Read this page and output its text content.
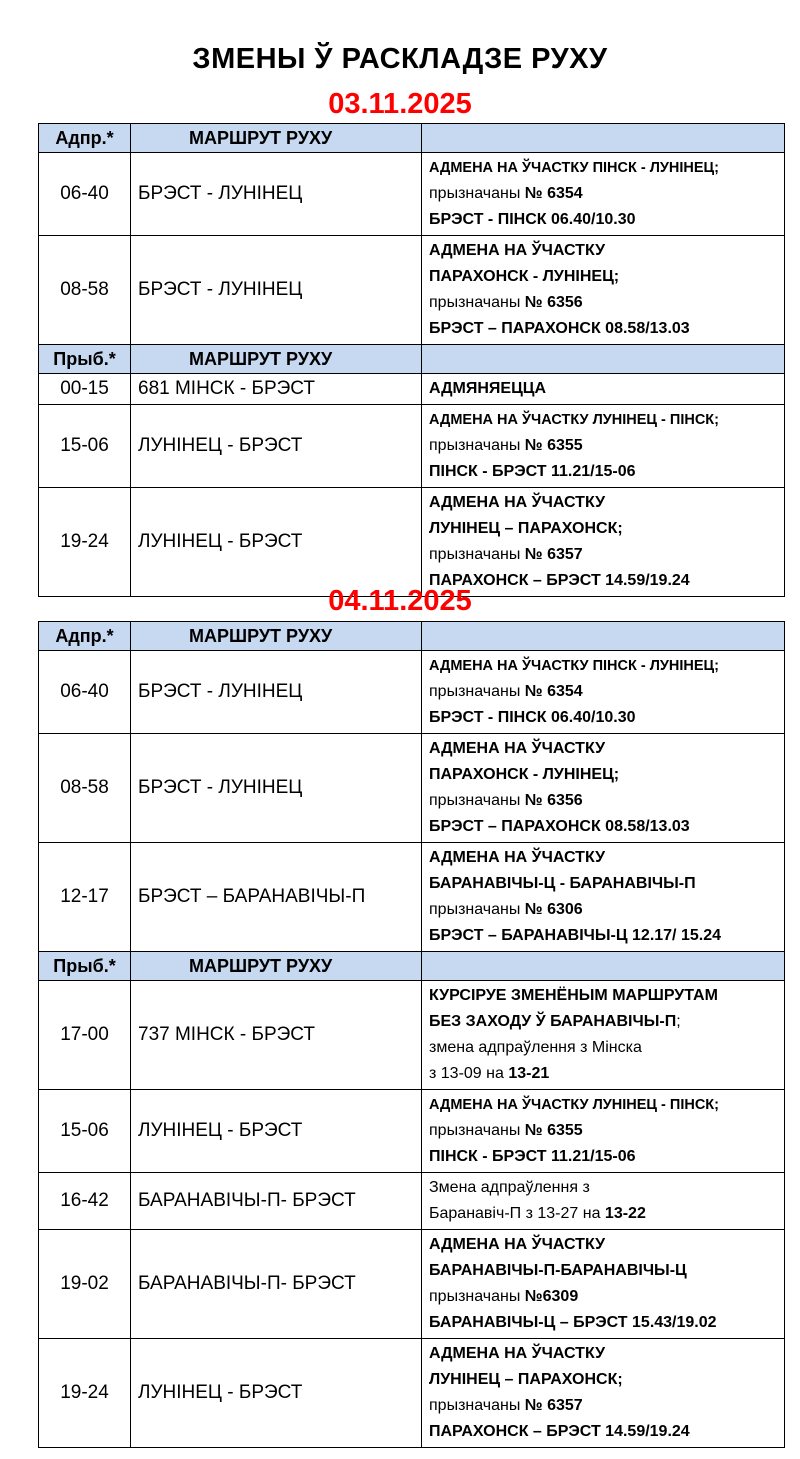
ЗМЕНЫ Ў РАСКЛАДЗЕ РУХУ
03.11.2025
Адпр.*	МАРШРУТ РУХУ	
06-40	БРЭСТ - ЛУНІНЕЦ	АДМЕНА НА ЎЧАСТКУ ПІНСК - ЛУНІНЕЦ;
прызначаны № 6354
БРЭСТ - ПІНСК 06.40/10.30

08-58	БРЭСТ - ЛУНІНЕЦ	АДМЕНА НА ЎЧАСТКУ
ПАРАХОНСК - ЛУНІНЕЦ;
прызначаны № 6356
БРЭСТ – ПАРАХОНСК 08.58/13.03

Прыб.*	МАРШРУТ РУХУ	
00-15	681 МІНСК - БРЭСТ	АДМЯНЯЕЦЦА

15-06	ЛУНІНЕЦ - БРЭСТ	АДМЕНА НА ЎЧАСТКУ ЛУНІНЕЦ - ПІНСК;
прызначаны № 6355
ПІНСК - БРЭСТ 11.21/15-06

19-24	ЛУНІНЕЦ - БРЭСТ	АДМЕНА НА ЎЧАСТКУ
ЛУНІНЕЦ – ПАРАХОНСК;
прызначаны № 6357
ПАРАХОНСК – БРЭСТ 14.59/19.24
04.11.2025
Адпр.*	МАРШРУТ РУХУ	
06-40	БРЭСТ - ЛУНІНЕЦ	АДМЕНА НА ЎЧАСТКУ ПІНСК - ЛУНІНЕЦ;
прызначаны № 6354
БРЭСТ - ПІНСК 06.40/10.30

08-58	БРЭСТ - ЛУНІНЕЦ	АДМЕНА НА ЎЧАСТКУ
ПАРАХОНСК - ЛУНІНЕЦ;
прызначаны № 6356
БРЭСТ – ПАРАХОНСК 08.58/13.03

12-17	БРЭСТ – БАРАНАВІЧЫ-П	АДМЕНА НА ЎЧАСТКУ
БАРАНАВІЧЫ-Ц - БАРАНАВІЧЫ-П
прызначаны № 6306
БРЭСТ – БАРАНАВІЧЫ-Ц 12.17/ 15.24

Прыб.*	МАРШРУТ РУХУ	
17-00	737 МІНСК - БРЭСТ	КУРСІРУЕ ЗМЕНЁНЫМ МАРШРУТАМ
БЕЗ ЗАХОДУ Ў БАРАНАВІЧЫ-П;
змена адпраўлення з Мінска
з 13-09 на 13-21

15-06	ЛУНІНЕЦ - БРЭСТ	АДМЕНА НА ЎЧАСТКУ ЛУНІНЕЦ - ПІНСК;
прызначаны № 6355
ПІНСК - БРЭСТ 11.21/15-06

16-42	БАРАНАВІЧЫ-П- БРЭСТ	Змена адпраўлення з
Баранавіч-П з 13-27 на 13-22

19-02	БАРАНАВІЧЫ-П- БРЭСТ	АДМЕНА НА ЎЧАСТКУ
БАРАНАВІЧЫ-П-БАРАНАВІЧЫ-Ц
прызначаны №6309
БАРАНАВІЧЫ-Ц – БРЭСТ 15.43/19.02

19-24	ЛУНІНЕЦ - БРЭСТ	АДМЕНА НА ЎЧАСТКУ
ЛУНІНЕЦ – ПАРАХОНСК;
прызначаны № 6357
ПАРАХОНСК – БРЭСТ 14.59/19.24
